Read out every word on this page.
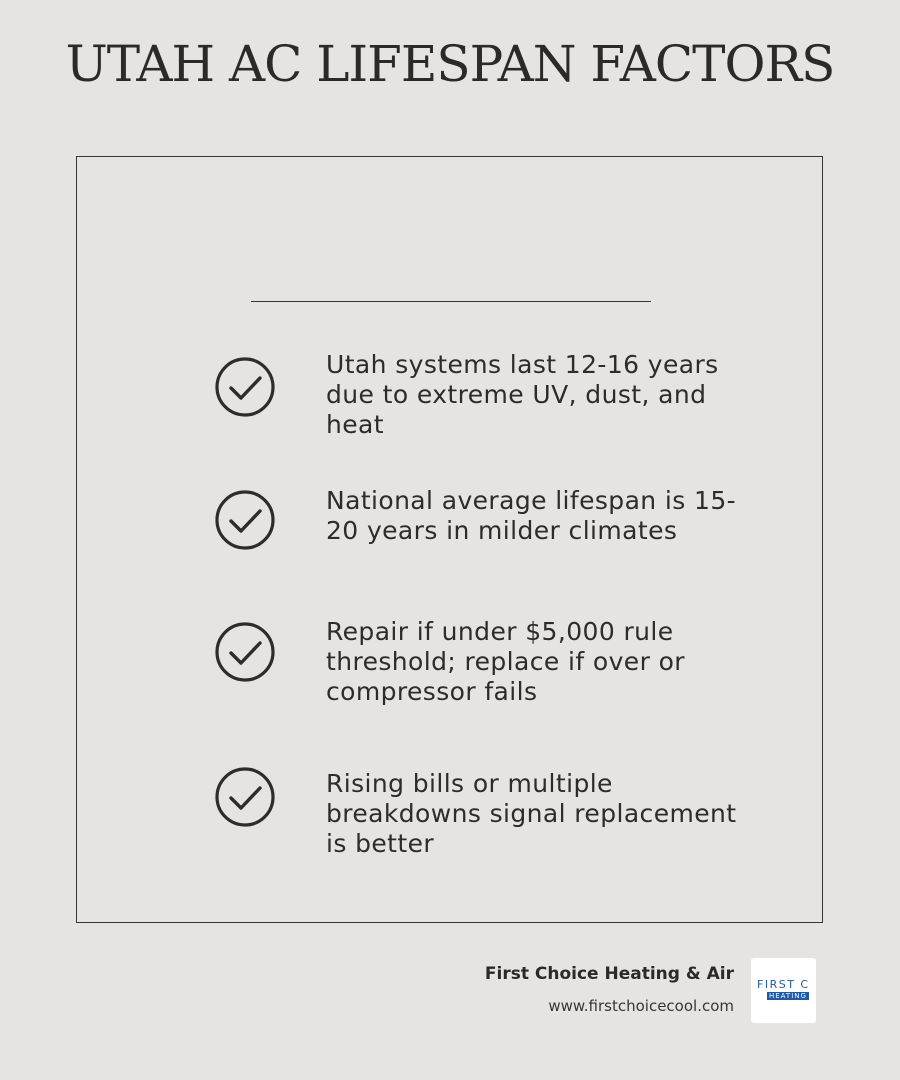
UTAH AC LIFESPAN FACTORS
Utah systems last 12-16 years due to extreme UV, dust, and heat
National average lifespan is 15-20 years in milder climates
Repair if under $5,000 rule threshold; replace if over or compressor fails
Rising bills or multiple breakdowns signal replacement is better
First Choice Heating & Air
www.firstchoicecool.com
FIRST C
HEATING
